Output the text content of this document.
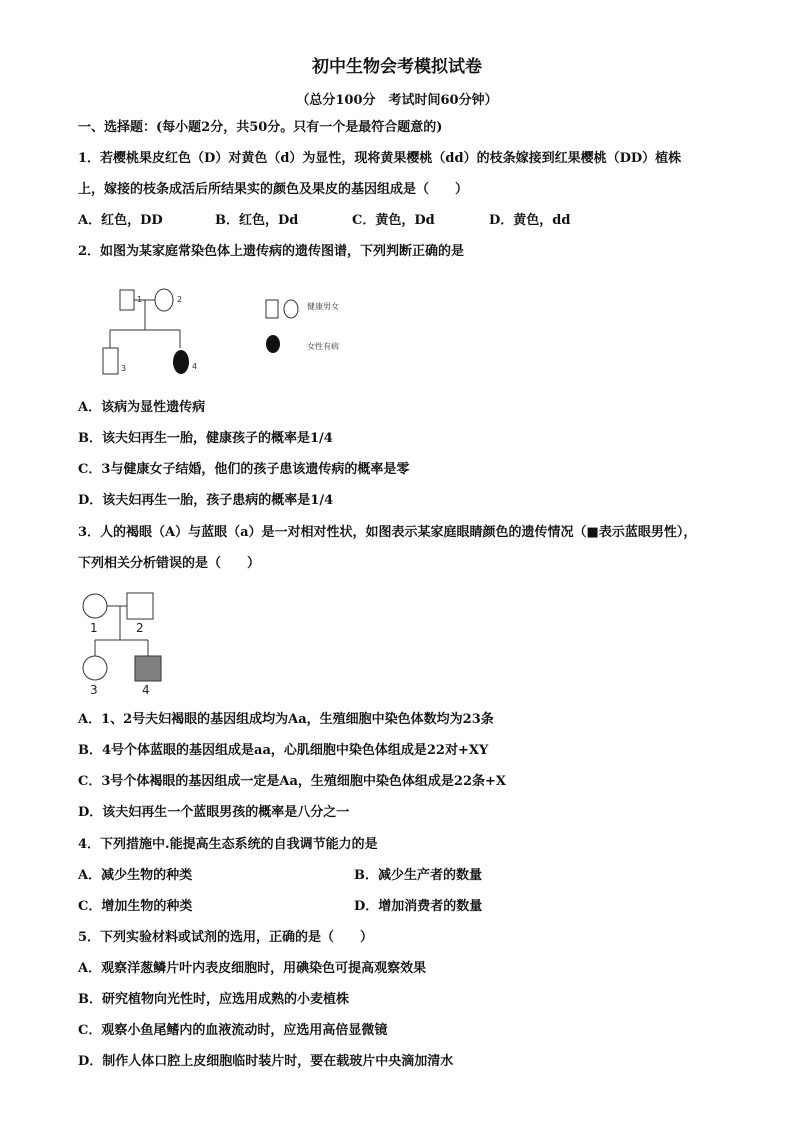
初中生物会考模拟试卷
（总分100分　考试时间60分钟）
一、选择题：(每小题2分，共50分。只有一个是最符合题意的)
1．若樱桃果皮红色（D）对黄色（d）为显性，现将黄果樱桃（dd）的枝条嫁接到红果樱桃（DD）植株
上，嫁接的枝条成活后所结果实的颜色及果皮的基因组成是（　　）
A．红色，DD	B．红色，Dd	C．黄色，Dd	D．黄色，dd
2．如图为某家庭常染色体上遗传病的遗传图谱，下列判断正确的是
1	2
3	4
健康男女
女性有病
A．该病为显性遗传病
B．该夫妇再生一胎，健康孩子的概率是1/4
C．3与健康女子结婚，他们的孩子患该遗传病的概率是零
D．该夫妇再生一胎，孩子患病的概率是1/4
3．人的褐眼（A）与蓝眼（a）是一对相对性状，如图表示某家庭眼睛颜色的遗传情况（■表示蓝眼男性），
下列相关分析错误的是（　　）
1	2
3	4
A．1、2号夫妇褐眼的基因组成均为Aa，生殖细胞中染色体数均为23条
B．4号个体蓝眼的基因组成是aa，心肌细胞中染色体组成是22对+XY
C．3号个体褐眼的基因组成一定是Aa，生殖细胞中染色体组成是22条+X
D．该夫妇再生一个蓝眼男孩的概率是八分之一
4．下列措施中.能提高生态系统的自我调节能力的是
A．减少生物的种类	B．减少生产者的数量
C．增加生物的种类	D．增加消费者的数量
5．下列实验材料或试剂的选用，正确的是（　　）
A．观察洋葱鳞片叶内表皮细胞时，用碘染色可提高观察效果
B．研究植物向光性时，应选用成熟的小麦植株
C．观察小鱼尾鳍内的血液流动时，应选用高倍显微镜
D．制作人体口腔上皮细胞临时装片时，要在载玻片中央滴加清水
